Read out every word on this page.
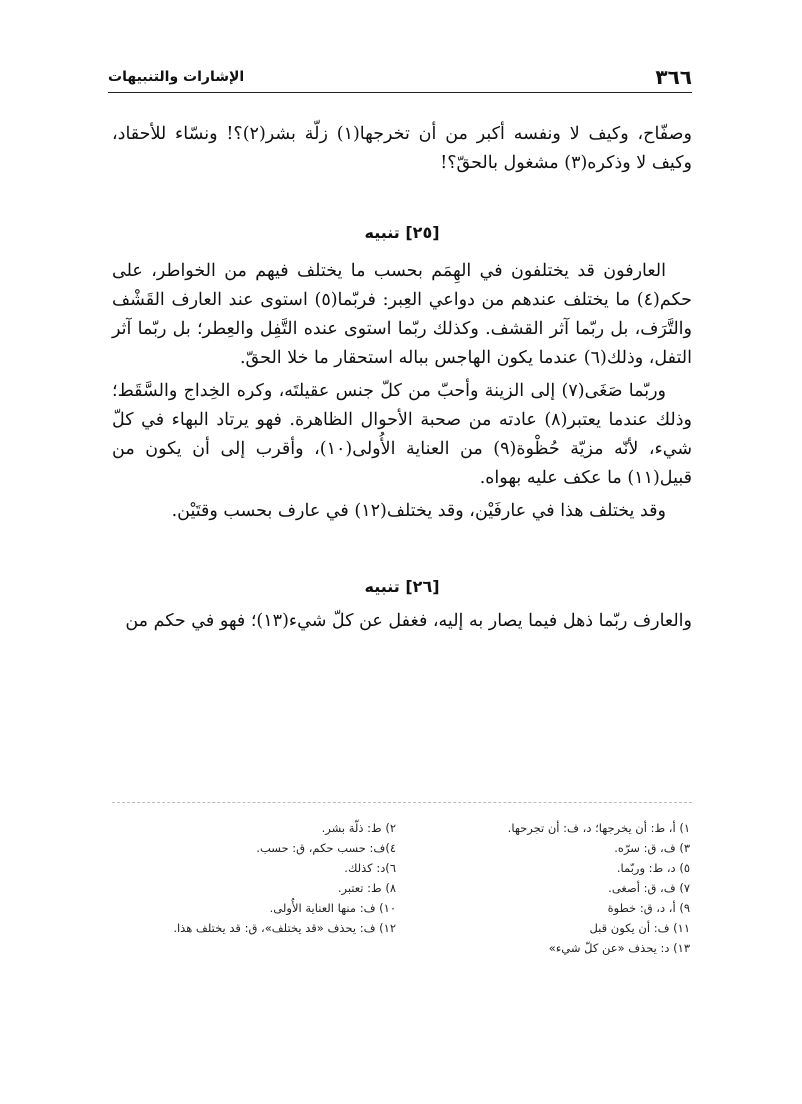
٣٦٦
الإشارات والتنبيهات

وصفّاح، وكيف لا ونفسه أكبر من أن تخرجها(١) زلّة بشر(٢)؟! ونسّاء للأحقاد، وكيف لا وذكره(٣) مشغول بالحقّ؟!

[٢٥] تنبيه

العارفون قد يختلفون في الهِمَم بحسب ما يختلف فيهم من الخواطر، على حكم(٤) ما يختلف عندهم من دواعي العِبر: فربّما(٥) استوى عند العارف القَشْف والتَّرَف، بل ربّما آثر القشف. وكذلك ربّما استوى عنده التَّفِل والعِطر؛ بل ربّما آثر التفل، وذلك(٦) عندما يكون الهاجس بباله استحقار ما خلا الحقّ.

وربّما صَغَى(٧) إلى الزينة وأحبّ من كلّ جنس عقيلتَه، وكره الخِداج والسَّقَط؛ وذلك عندما يعتبر(٨) عادته من صحبة الأحوال الظاهرة. فهو يرتاد البهاء في كلّ شيء، لأنّه مزيّة حُظْوة(٩) من العناية الأُولى(١٠)، وأقرب إلى أن يكون من قبيل(١١) ما عكف عليه بهواه.

وقد يختلف هذا في عارفَيْن، وقد يختلف(١٢) في عارف بحسب وقتَيْن.

[٢٦] تنبيه

والعارف ربّما ذهل فيما يصار به إليه، فغفل عن كلّ شيء(١٣)؛ فهو في حكم من

١) أ، ط: أن يخرجها؛ د، ف: أن تجرحها.
٢) ط: ذلّة بشر.
٣) ف، ق: سرّه.
٤)ف: حسب حكم، ق: حسب.
٥) د، ط: وربّما.
٦)د: كذلك.
٧) ف، ق: أصغى.
٨) ط: تعتبر.
٩) أ، د، ق: خطوة
١٠) ف: منها العناية الأُولى.
١١) ف: أن يكون قبل
١٢) ف: يحذف «قد يختلف»، ق: قد يختلف هذا.
١٣) د: يحذف «عن كلّ شيء»
